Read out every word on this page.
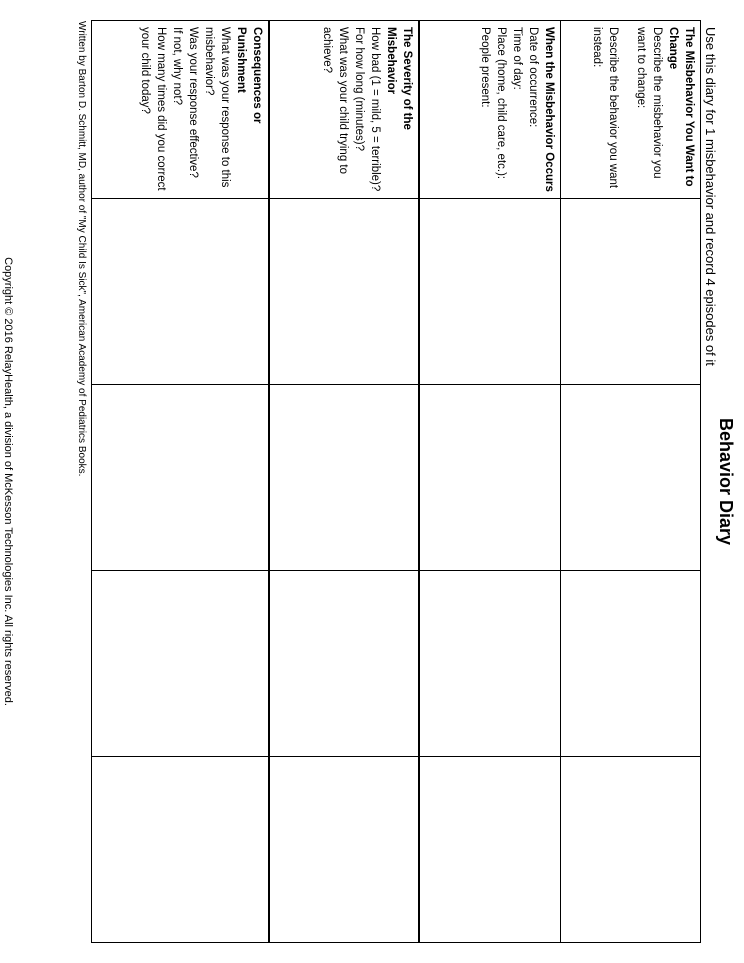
Behavior Diary
Use this diary for 1 misbehavior and record 4 episodes of it
The Misbehavior You Want to Change
Describe the misbehavior you want to change:
Describe the behavior you want instead:				

When the Misbehavior Occurs
Date of occurrence:
Time of day:
Place (home, child care, etc.):
People present:				

The Severity of the Misbehavior
How bad (1 = mild, 5 = terrible)?
For how long (minutes)?
What was your child trying to achieve?				

Consequences or Punishment
What was your response to this misbehavior?
Was your response effective?
If not, why not?
How many times did you correct your child today?				

Written by Barton D. Schmitt, MD, author of "My Child Is Sick", American Academy of Pediatrics Books.
Copyright © 2016 RelayHealth, a division of McKesson Technologies Inc. All rights reserved.
